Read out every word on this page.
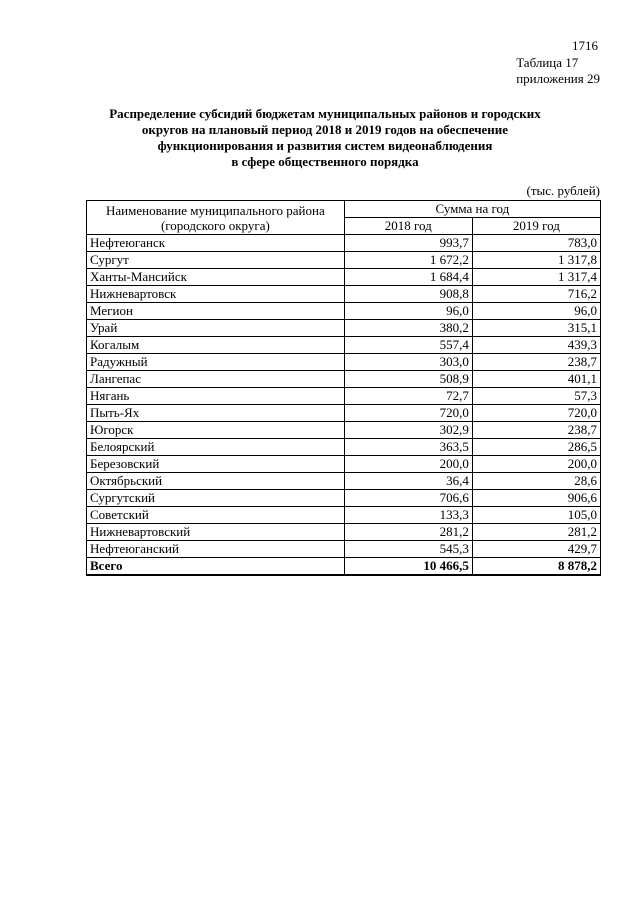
1716
Таблица 17
приложения 29
Распределение субсидий бюджетам муниципальных районов и городских
округов на плановый период 2018 и 2019 годов на обеспечение
функционирования и развития систем видеонаблюдения
в сфере общественного порядка
(тыс. рублей)
Наименование муниципального района
(городского округа)	Сумма на год	
	2018 год	2019 год
Нефтеюганск	993,7	783,0
Сургут	1 672,2	1 317,8
Ханты-Мансийск	1 684,4	1 317,4
Нижневартовск	908,8	716,2
Мегион	96,0	96,0
Урай	380,2	315,1
Когалым	557,4	439,3
Радужный	303,0	238,7
Лангепас	508,9	401,1
Нягань	72,7	57,3
Пыть-Ях	720,0	720,0
Югорск	302,9	238,7
Белоярский	363,5	286,5
Березовский	200,0	200,0
Октябрьский	36,4	28,6
Сургутский	706,6	906,6
Советский	133,3	105,0
Нижневартовский	281,2	281,2
Нефтеюганский	545,3	429,7
Всего	10 466,5	8 878,2
